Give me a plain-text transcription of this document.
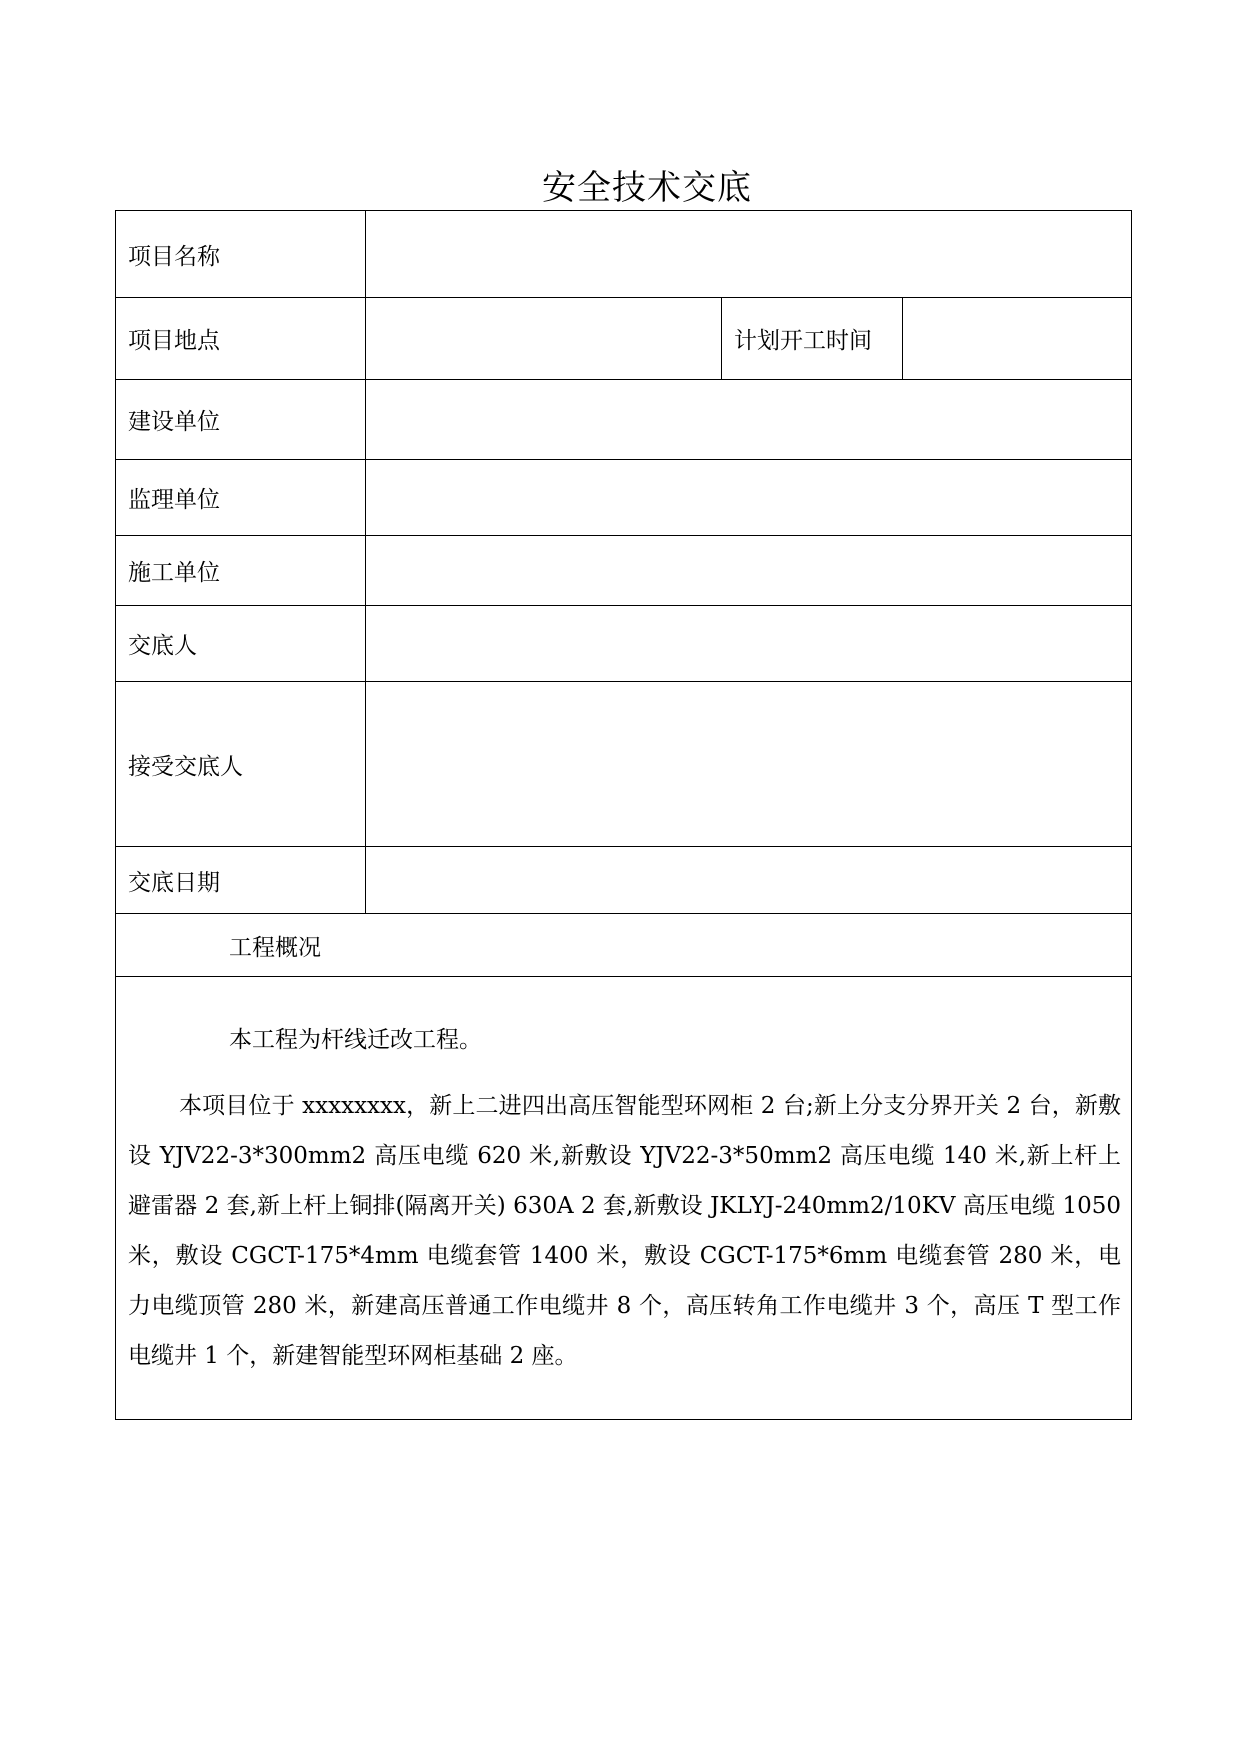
安全技术交底
项目名称			
项目地点		计划开工时间	
建设单位			
监理单位			
施工单位			
交底人			
接受交底人			
交底日期			
工程概况			

本工程为杆线迁改工程。

本项目位于 xxxxxxxx，新上二进四出高压智能型环网柜 2 台;新上分支分界开关 2 台，新敷设 YJV22-3*300mm2 高压电缆 620 米,新敷设 YJV22-3*50mm2 高压电缆 140 米,新上杆上避雷器 2 套,新上杆上铜排(隔离开关) 630A 2 套,新敷设 JKLYJ-240mm2/10KV 高压电缆 1050 米，敷设 CGCT-175*4mm 电缆套管 1400 米，敷设 CGCT-175*6mm 电缆套管 280 米，电力电缆顶管 280 米，新建高压普通工作电缆井 8 个，高压转角工作电缆井 3 个，高压 T 型工作电缆井 1 个，新建智能型环网柜基础 2 座。			
